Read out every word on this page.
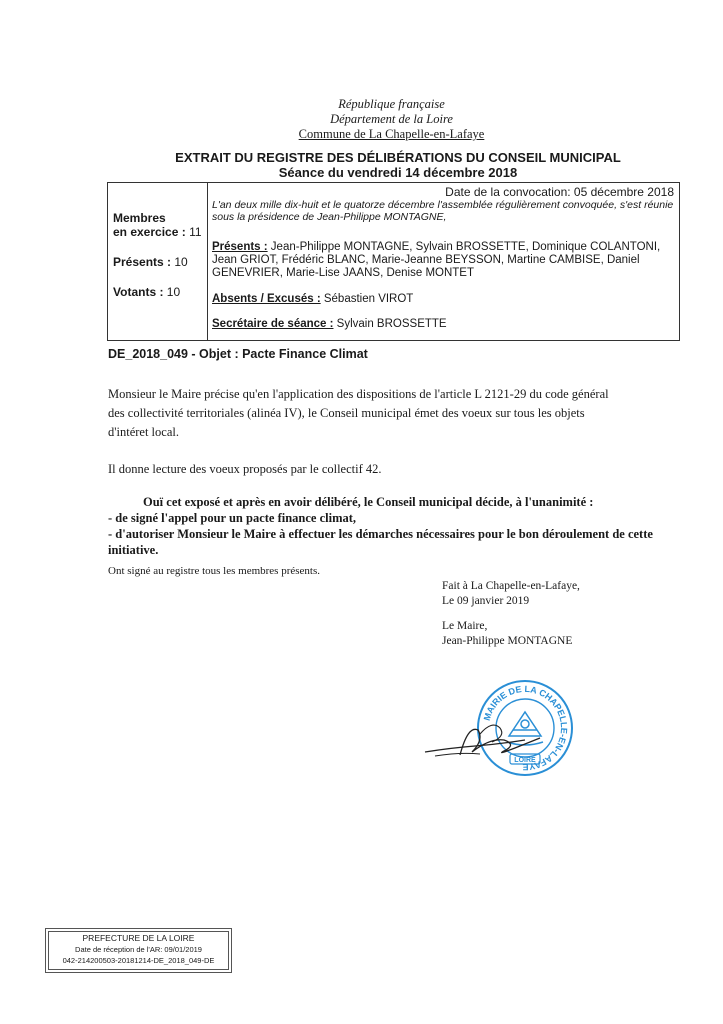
République française
Département de la Loire
Commune de La Chapelle-en-Lafaye
EXTRAIT DU REGISTRE DES DÉLIBÉRATIONS DU CONSEIL MUNICIPAL
Séance du vendredi 14 décembre 2018
Membres
en exercice : 11
Présents : 10
Votants : 10
Date de la convocation: 05 décembre 2018
L'an deux mille dix-huit et le quatorze décembre l'assemblée régulièrement convoquée, s'est réunie sous la présidence de Jean-Philippe MONTAGNE,
Présents : Jean-Philippe MONTAGNE, Sylvain BROSSETTE, Dominique COLANTONI, Jean GRIOT, Frédéric BLANC, Marie-Jeanne BEYSSON, Martine CAMBISE, Daniel GENEVRIER, Marie-Lise JAANS, Denise MONTET
Absents / Excusés : Sébastien VIROT
Secrétaire de séance : Sylvain BROSSETTE
DE_2018_049 - Objet : Pacte Finance Climat
Monsieur le Maire précise qu'en l'application des dispositions de l'article L 2121-29 du code général des collectivité territoriales (alinéa IV), le Conseil municipal émet des voeux sur tous les objets d'intéret local.
Il donne lecture des voeux proposés par le collectif 42.
Ouï cet exposé et après en avoir délibéré, le Conseil municipal décide, à l'unanimité :
- de signé l'appel pour un pacte finance climat,
- d'autoriser Monsieur le Maire à effectuer les démarches nécessaires pour le bon déroulement de cette initiative.
Ont signé au registre tous les membres présents.
Fait à La Chapelle-en-Lafaye,
Le 09 janvier 2019
Le Maire,
Jean-Philippe MONTAGNE
MAIRIE DE LA CHAPELLE-EN-LAFAYE
LOIRE
PREFECTURE DE LA LOIRE
Date de réception de l'AR: 09/01/2019
042-214200503-20181214-DE_2018_049-DE
